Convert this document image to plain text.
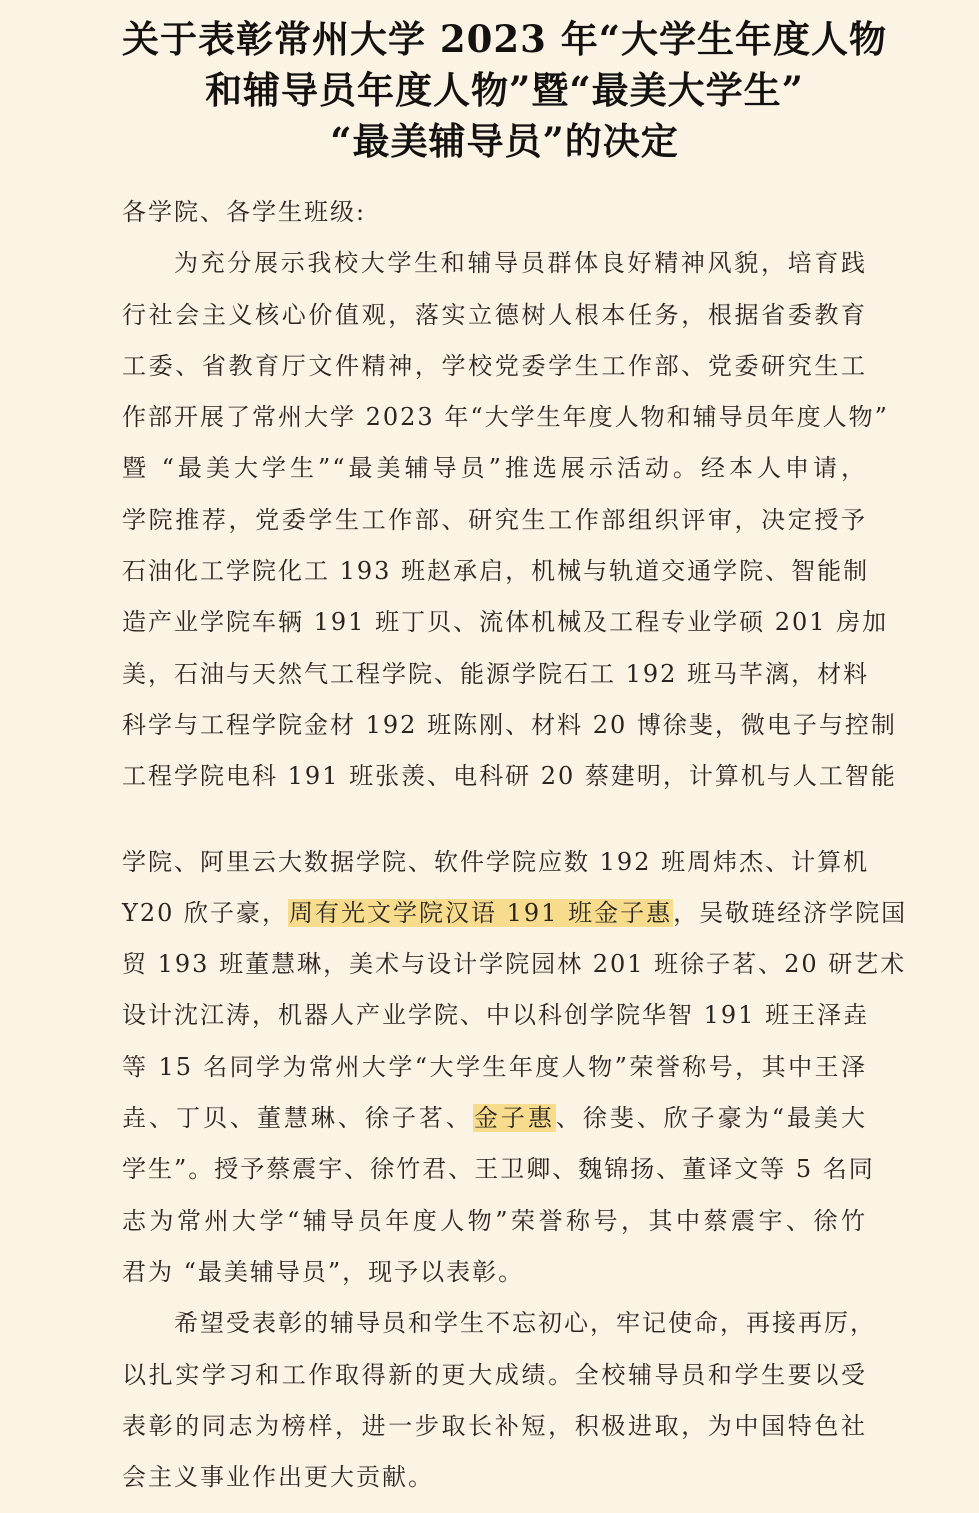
关于表彰常州大学 2023 年“大学生年度人物
和辅导员年度人物”暨“最美大学生”
“最美辅导员”的决定
各学院、各学生班级:
为充分展示我校大学生和辅导员群体良好精神风貌，培育践
行社会主义核心价值观，落实立德树人根本任务，根据省委教育
工委、省教育厅文件精神，学校党委学生工作部、党委研究生工
作部开展了常州大学 2023 年“大学生年度人物和辅导员年度人物”
暨 “最美大学生”“最美辅导员”推选展示活动。经本人申请，
学院推荐，党委学生工作部、研究生工作部组织评审，决定授予
石油化工学院化工 193 班赵承启，机械与轨道交通学院、智能制
造产业学院车辆 191 班丁贝、流体机械及工程专业学硕 201 房加
美，石油与天然气工程学院、能源学院石工 192 班马芊漓，材料
科学与工程学院金材 192 班陈刚、材料 20 博徐斐，微电子与控制
工程学院电科 191 班张羡、电科研 20 蔡建明，计算机与人工智能
学院、阿里云大数据学院、软件学院应数 192 班周炜杰、计算机
Y20 欣子豪，周有光文学院汉语 191 班金子惠，吴敬琏经济学院国
贸 193 班董慧琳，美术与设计学院园林 201 班徐子茗、20 研艺术
设计沈江涛，机器人产业学院、中以科创学院华智 191 班王泽垚
等 15 名同学为常州大学“大学生年度人物”荣誉称号，其中王泽
垚、丁贝、董慧琳、徐子茗、金子惠、徐斐、欣子豪为“最美大
学生”。授予蔡震宇、徐竹君、王卫卿、魏锦扬、董译文等 5 名同
志为常州大学“辅导员年度人物”荣誉称号，其中蔡震宇、徐竹
君为 “最美辅导员”，现予以表彰。
希望受表彰的辅导员和学生不忘初心，牢记使命，再接再厉，
以扎实学习和工作取得新的更大成绩。全校辅导员和学生要以受
表彰的同志为榜样，进一步取长补短，积极进取，为中国特色社
会主义事业作出更大贡献。
